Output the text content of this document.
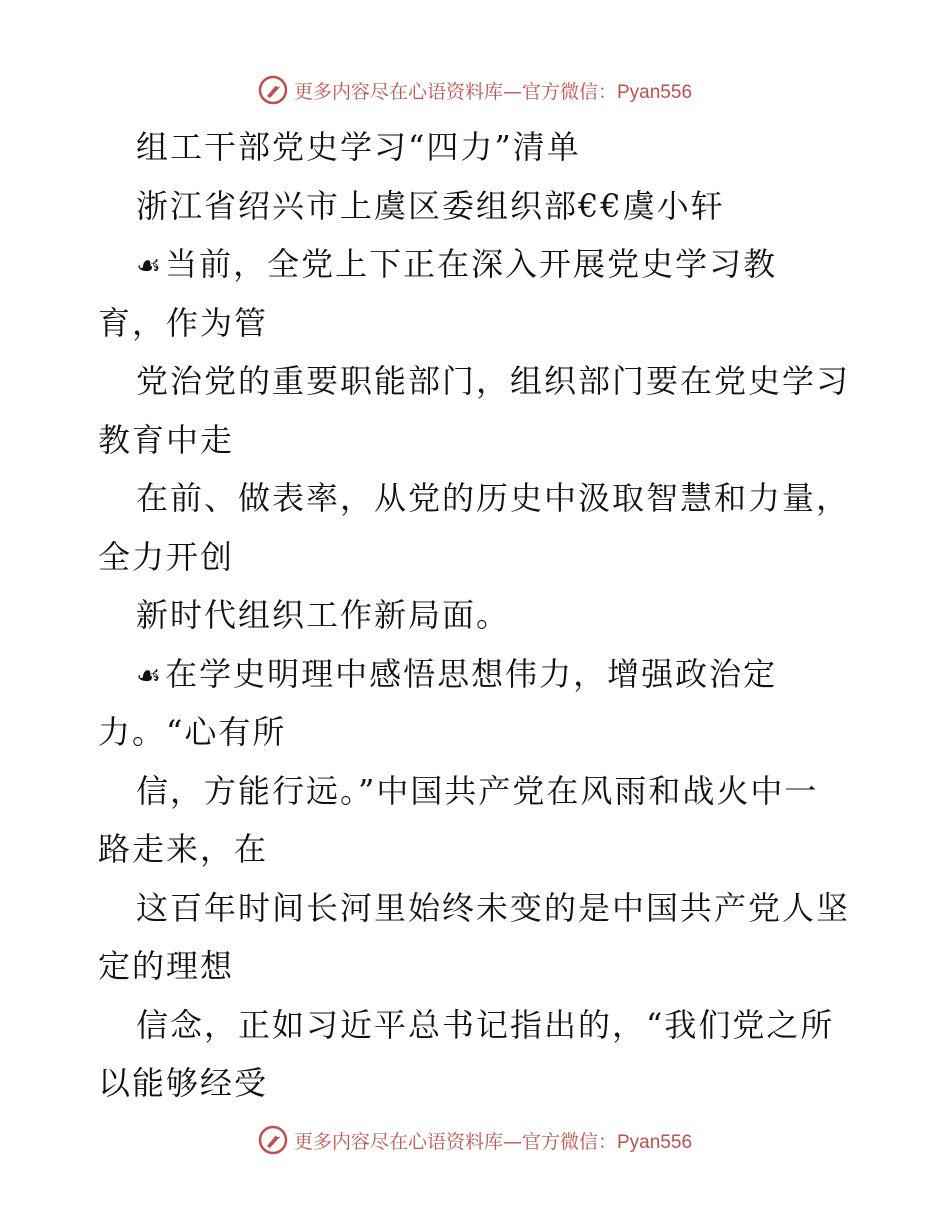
更多内容尽在心语资料库—官方微信：Pyan556
组工干部党史学习“四力”清单
浙江省绍兴市上虞区委组织部€€虞小轩
☙当前，全党上下正在深入开展党史学习教
育，作为管
党治党的重要职能部门，组织部门要在党史学习
教育中走
在前、做表率，从党的历史中汲取智慧和力量，
全力开创
新时代组织工作新局面。
☙在学史明理中感悟思想伟力，增强政治定
力。“心有所
信，方能行远。”中国共产党在风雨和战火中一
路走来，在
这百年时间长河里始终未变的是中国共产党人坚
定的理想
信念，正如习近平总书记指出的，“我们党之所
以能够经受
更多内容尽在心语资料库—官方微信：Pyan556
